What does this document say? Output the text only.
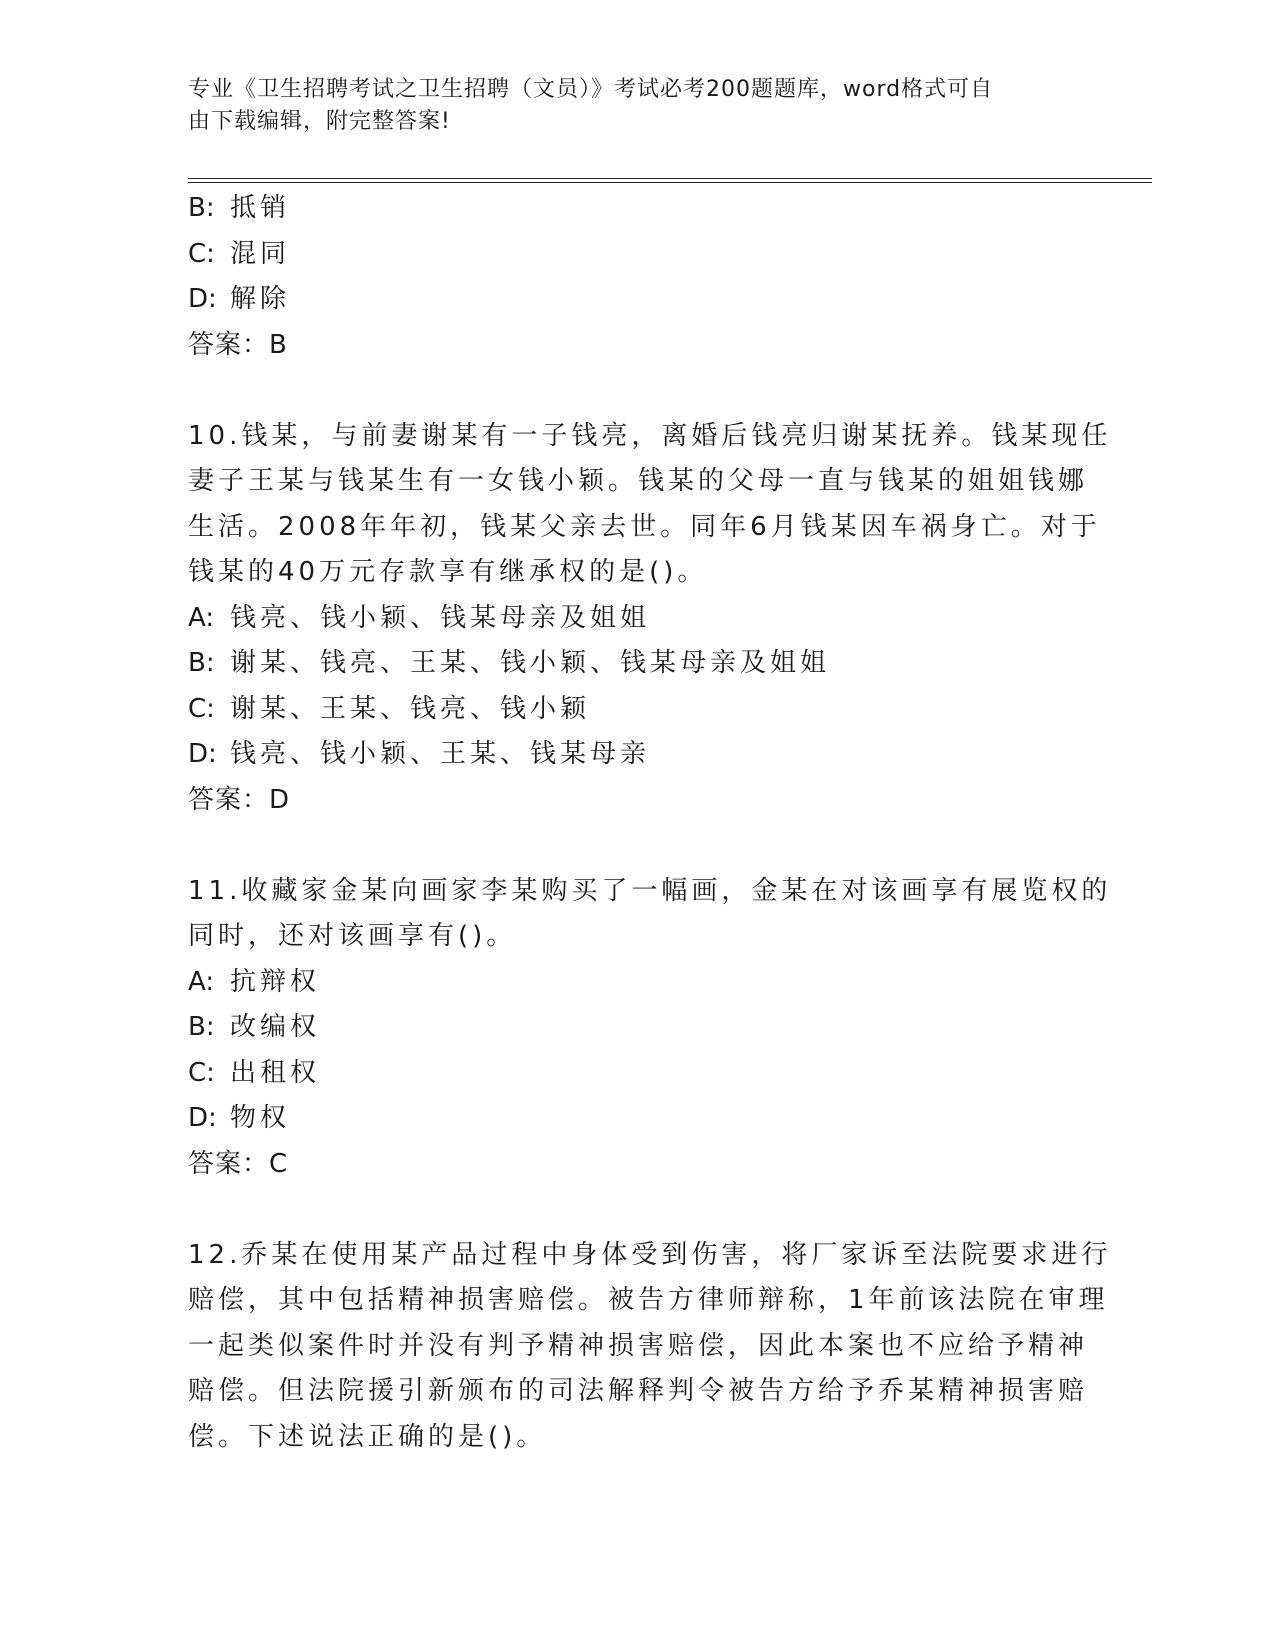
专业《卫生招聘考试之卫生招聘（文员）》考试必考200题题库，word格式可自
由下载编辑，附完整答案!
B: 抵销
C: 混同
D: 解除
答案：B
10.钱某，与前妻谢某有一子钱亮，离婚后钱亮归谢某抚养。钱某现任
妻子王某与钱某生有一女钱小颖。钱某的父母一直与钱某的姐姐钱娜
生活。2008年年初，钱某父亲去世。同年6月钱某因车祸身亡。对于
钱某的40万元存款享有继承权的是()。
A: 钱亮、钱小颖、钱某母亲及姐姐
B: 谢某、钱亮、王某、钱小颖、钱某母亲及姐姐
C: 谢某、王某、钱亮、钱小颖
D: 钱亮、钱小颖、王某、钱某母亲
答案：D
11.收藏家金某向画家李某购买了一幅画，金某在对该画享有展览权的
同时，还对该画享有()。
A: 抗辩权
B: 改编权
C: 出租权
D: 物权
答案：C
12.乔某在使用某产品过程中身体受到伤害，将厂家诉至法院要求进行
赔偿，其中包括精神损害赔偿。被告方律师辩称，1年前该法院在审理
一起类似案件时并没有判予精神损害赔偿，因此本案也不应给予精神
赔偿。但法院援引新颁布的司法解释判令被告方给予乔某精神损害赔
偿。下述说法正确的是()。
